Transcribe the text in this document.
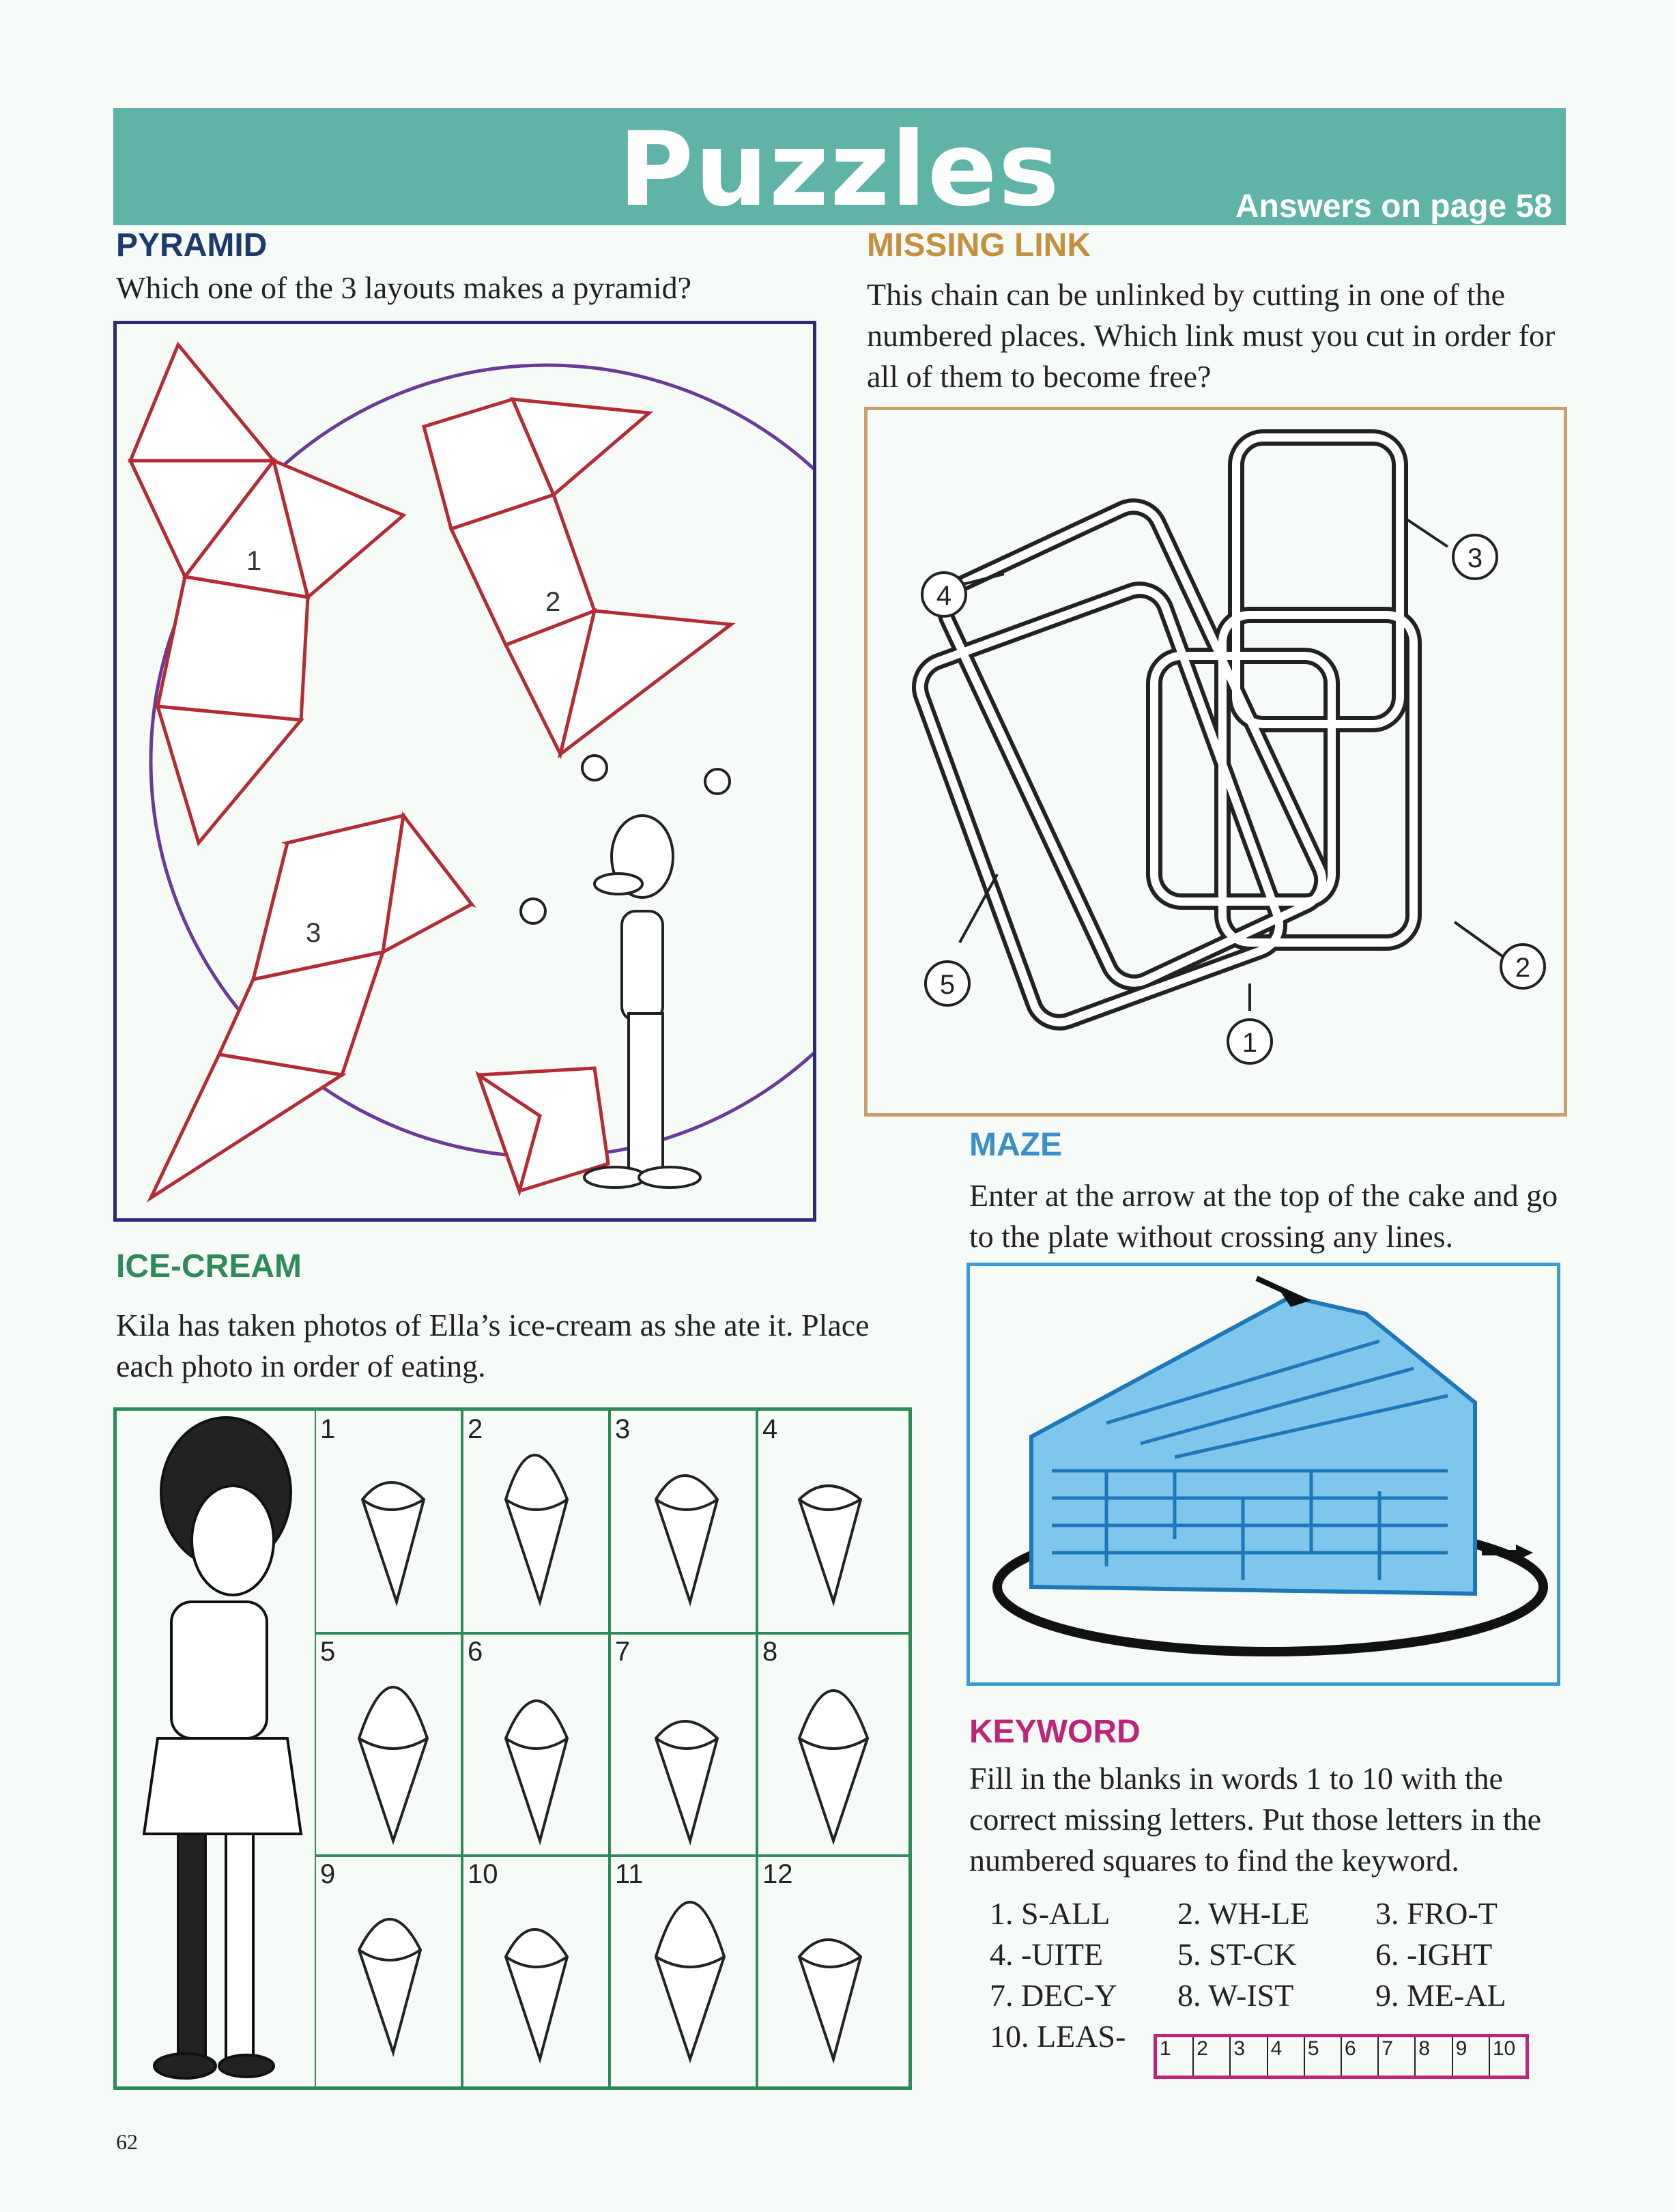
Puzzles	Answers on page 58
PYRAMID
Which one of the 3 layouts makes a pyramid?
1
2
3
MISSING LINK
This chain can be unlinked by cutting in one of the numbered places. Which link must you cut in order for all of them to become free?
1
2
3
4
5
MAZE
Enter at the arrow at the top of the cake and go to the plate without crossing any lines.
ICE-CREAM
Kila has taken photos of Ella’s ice-cream as she ate it. Place each photo in order of eating.
1	2	3	4
5	6	7	8
9	10	11	12
KEYWORD
Fill in the blanks in words 1 to 10 with the correct missing letters. Put those letters in the numbered squares to find the keyword.
1. S-ALL 2. WH-LE 3. FRO-T
4. -UITE 5. ST-CK	6. -IGHT
7. DEC-Y 8. W-IST	9. ME-AL
10. LEAS-	1	2	3	4	5	6	7	8	9	10
62
